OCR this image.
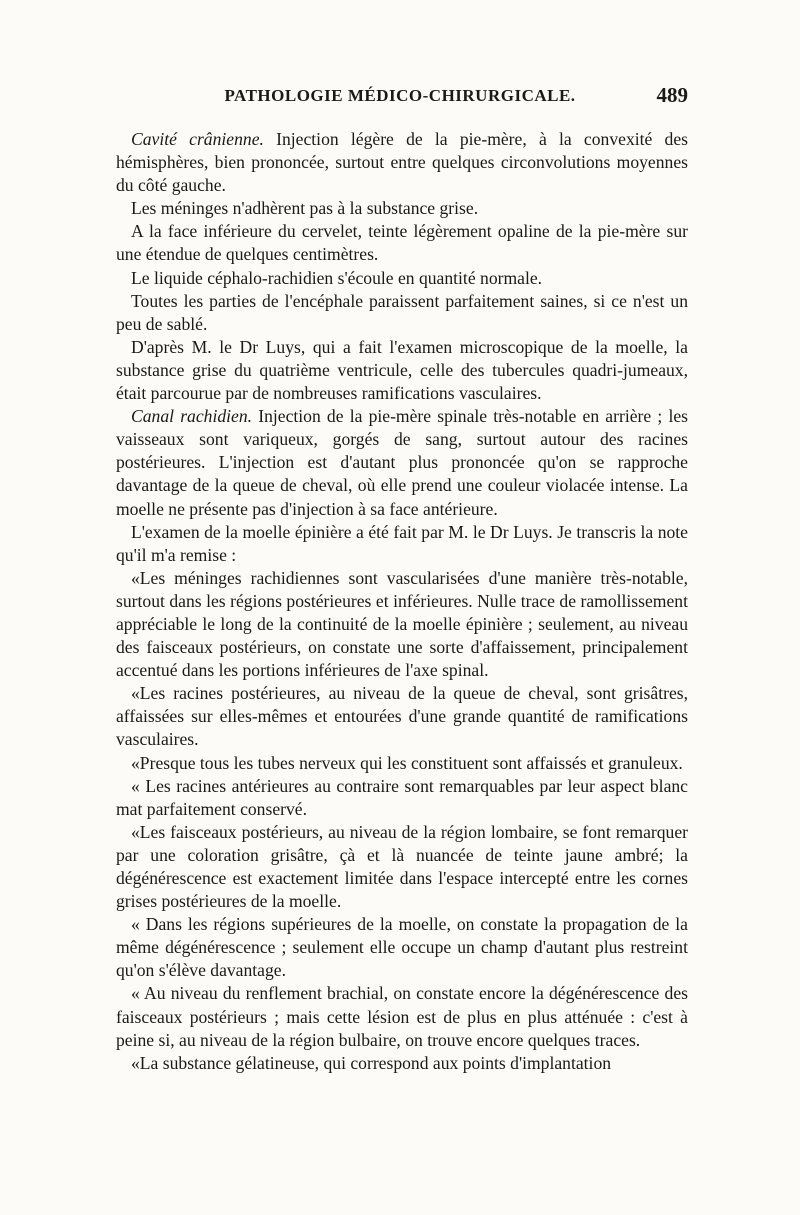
PATHOLOGIE MÉDICO-CHIRURGICALE.	489

Cavité crânienne. Injection légère de la pie-mère, à la convexité des hémisphères, bien prononcée, surtout entre quelques circonvolutions moyennes du côté gauche.

Les méninges n'adhèrent pas à la substance grise.

A la face inférieure du cervelet, teinte légèrement opaline de la pie-mère sur une étendue de quelques centimètres.

Le liquide céphalo-rachidien s'écoule en quantité normale.

Toutes les parties de l'encéphale paraissent parfaitement saines, si ce n'est un peu de sablé.

D'après M. le Dr Luys, qui a fait l'examen microscopique de la moelle, la substance grise du quatrième ventricule, celle des tubercules quadri-jumeaux, était parcourue par de nombreuses ramifications vasculaires.

Canal rachidien. Injection de la pie-mère spinale très-notable en arrière ; les vaisseaux sont variqueux, gorgés de sang, surtout autour des racines postérieures. L'injection est d'autant plus prononcée qu'on se rapproche davantage de la queue de cheval, où elle prend une couleur violacée intense. La moelle ne présente pas d'injection à sa face antérieure.

L'examen de la moelle épinière a été fait par M. le Dr Luys. Je transcris la note qu'il m'a remise :

«Les méninges rachidiennes sont vascularisées d'une manière très-notable, surtout dans les régions postérieures et inférieures. Nulle trace de ramollissement appréciable le long de la continuité de la moelle épinière ; seulement, au niveau des faisceaux postérieurs, on constate une sorte d'affaissement, principalement accentué dans les portions inférieures de l'axe spinal.

«Les racines postérieures, au niveau de la queue de cheval, sont grisâtres, affaissées sur elles-mêmes et entourées d'une grande quantité de ramifications vasculaires.

«Presque tous les tubes nerveux qui les constituent sont affaissés et granuleux.

« Les racines antérieures au contraire sont remarquables par leur aspect blanc mat parfaitement conservé.

«Les faisceaux postérieurs, au niveau de la région lombaire, se font remarquer par une coloration grisâtre, çà et là nuancée de teinte jaune ambré; la dégénérescence est exactement limitée dans l'espace intercepté entre les cornes grises postérieures de la moelle.

« Dans les régions supérieures de la moelle, on constate la propagation de la même dégénérescence ; seulement elle occupe un champ d'autant plus restreint qu'on s'élève davantage.

« Au niveau du renflement brachial, on constate encore la dégénérescence des faisceaux postérieurs ; mais cette lésion est de plus en plus atténuée : c'est à peine si, au niveau de la région bulbaire, on trouve encore quelques traces.

«La substance gélatineuse, qui correspond aux points d'implantation
